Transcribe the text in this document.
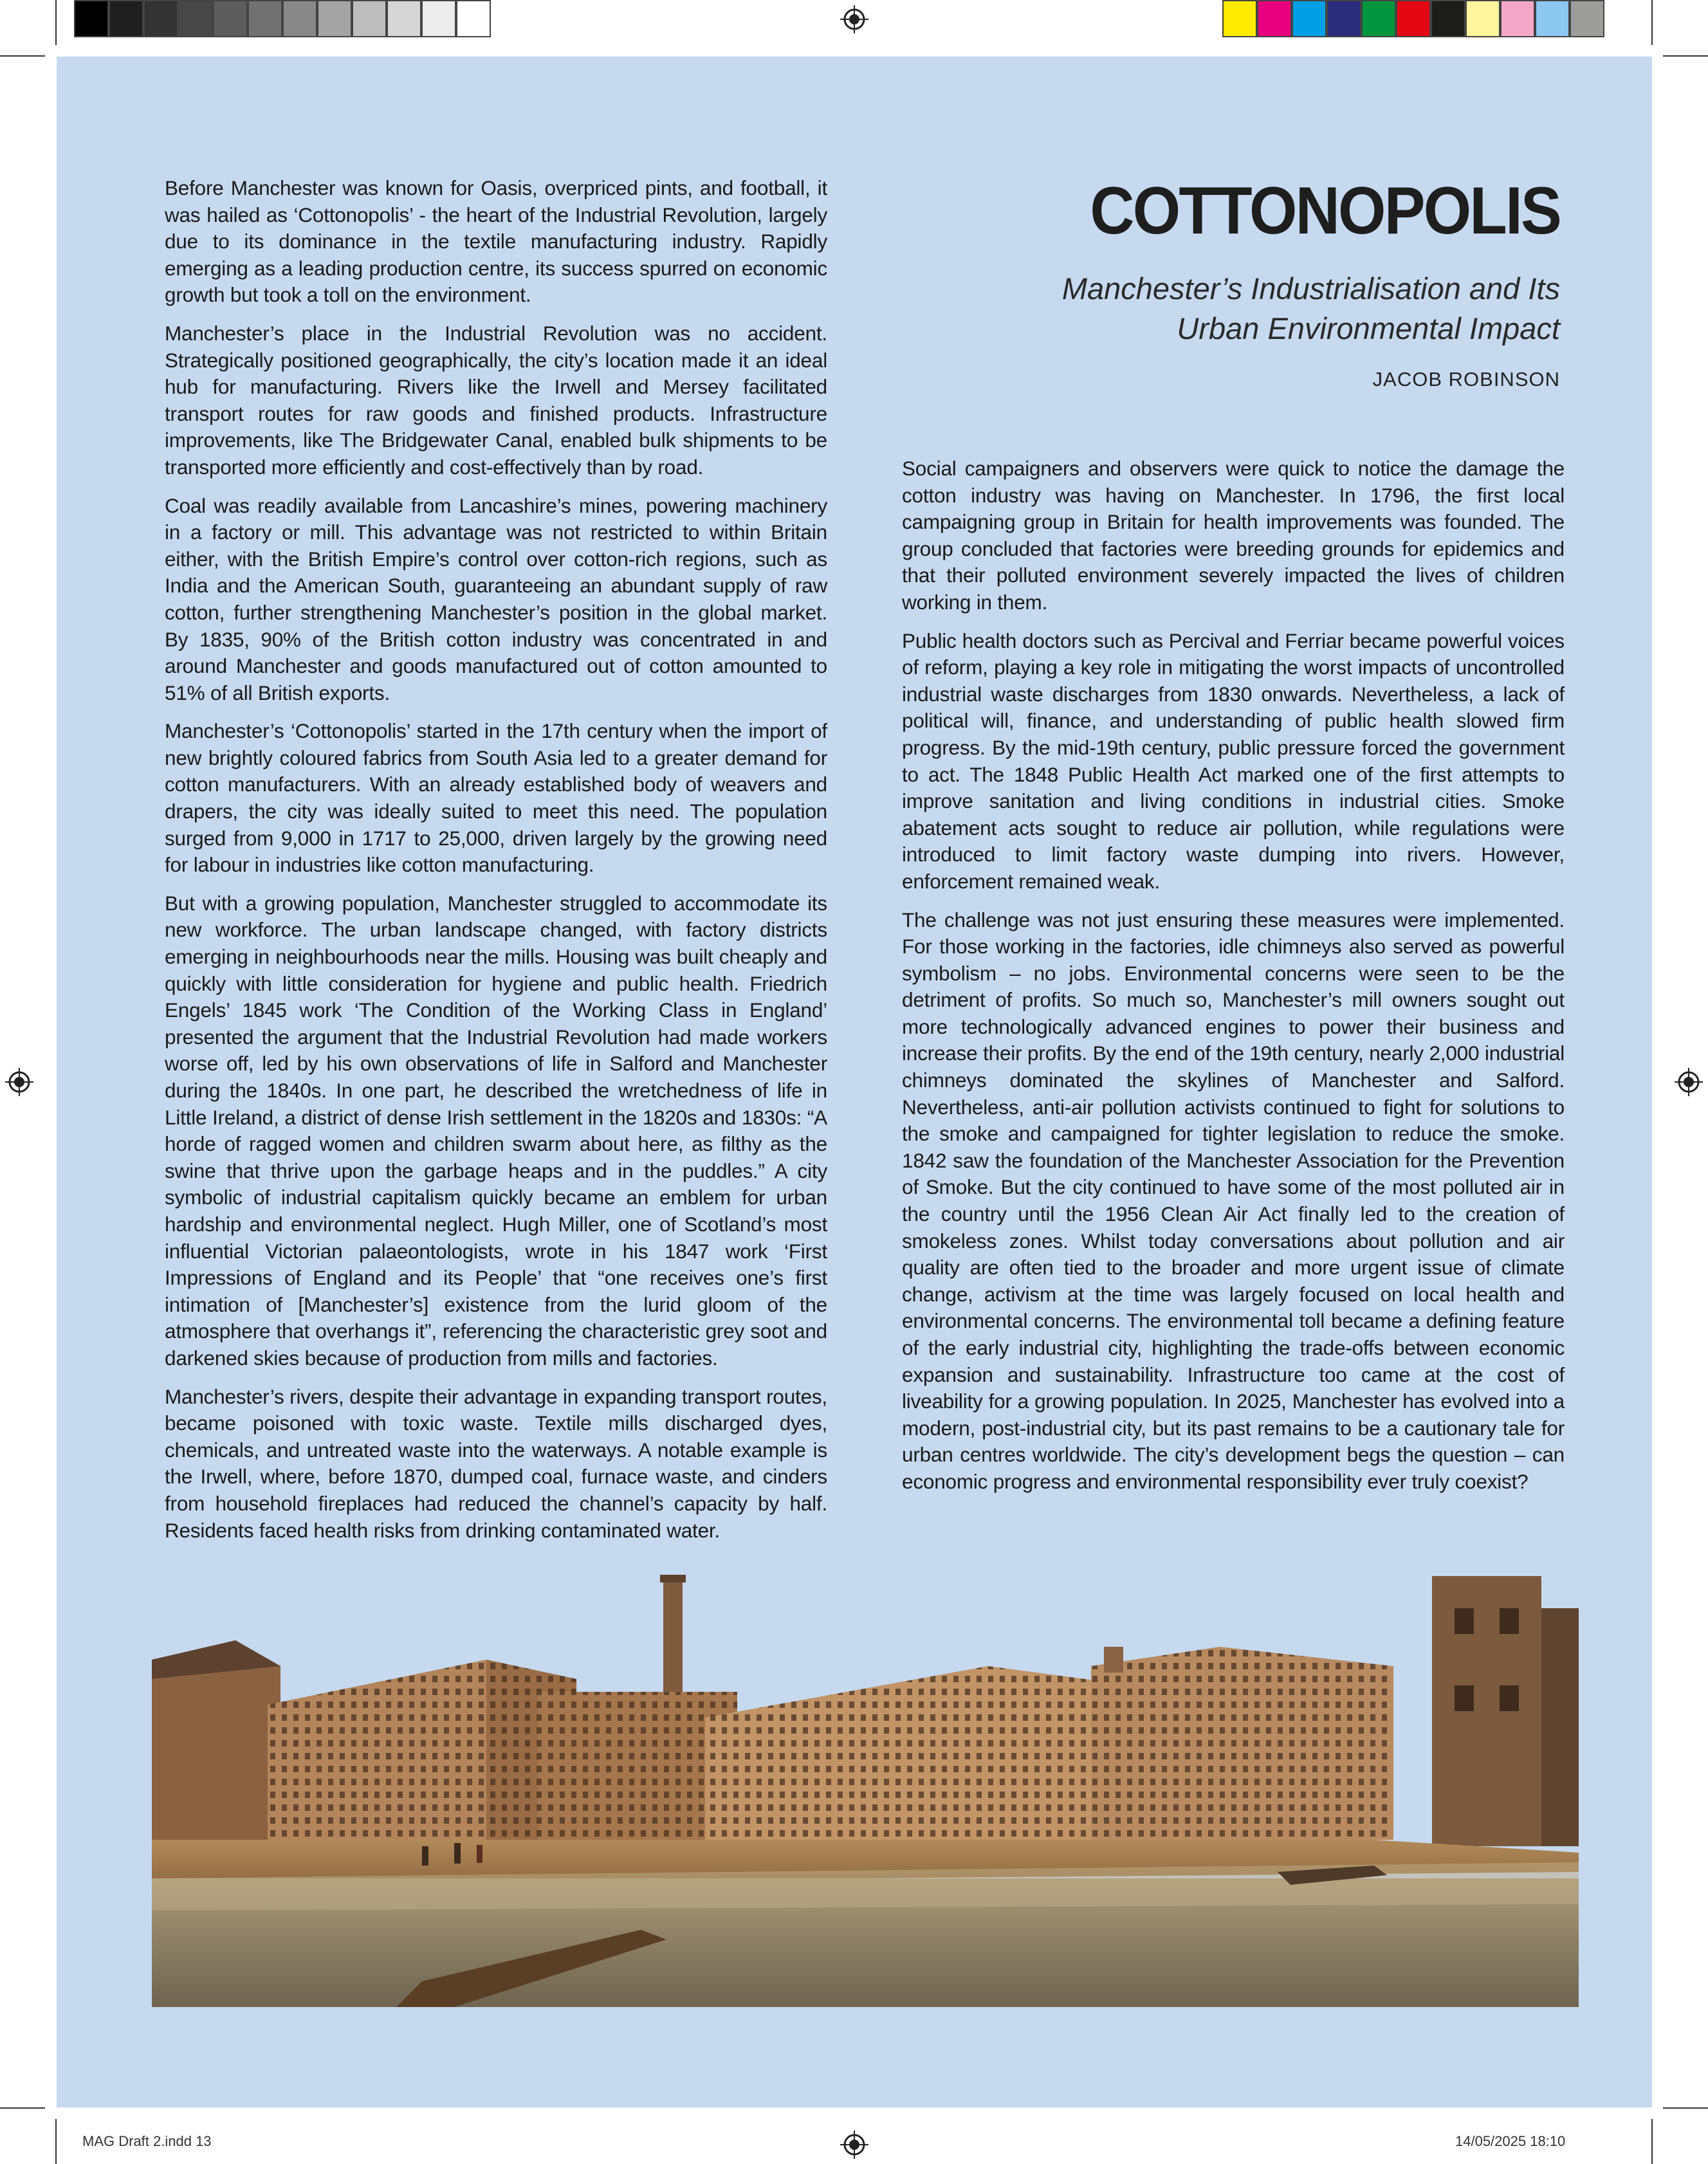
Before Manchester was known for Oasis, overpriced pints, and football, it was hailed as ‘Cottonopolis’ - the heart of the Industrial Revolution, largely due to its dominance in the textile manufacturing industry. Rapidly emerging as a leading production centre, its success spurred on economic growth but took a toll on the environment.

Manchester’s place in the Industrial Revolution was no accident. Strategically positioned geographically, the city’s location made it an ideal hub for manufacturing. Rivers like the Irwell and Mersey facilitated transport routes for raw goods and finished products. Infrastructure improvements, like The Bridgewater Canal, enabled bulk shipments to be transported more efficiently and cost-effectively than by road.

Coal was readily available from Lancashire’s mines, powering machinery in a factory or mill. This advantage was not restricted to within Britain either, with the British Empire’s control over cotton-rich regions, such as India and the American South, guaranteeing an abundant supply of raw cotton, further strengthening Manchester’s position in the global market. By 1835, 90% of the British cotton industry was concentrated in and around Manchester and goods manufactured out of cotton amounted to 51% of all British exports.

Manchester’s ‘Cottonopolis’ started in the 17th century when the import of new brightly coloured fabrics from South Asia led to a greater demand for cotton manufacturers. With an already established body of weavers and drapers, the city was ideally suited to meet this need. The population surged from 9,000 in 1717 to 25,000, driven largely by the growing need for labour in industries like cotton manufacturing.

But with a growing population, Manchester struggled to accommodate its new workforce. The urban landscape changed, with factory districts emerging in neighbourhoods near the mills. Housing was built cheaply and quickly with little consideration for hygiene and public health. Friedrich Engels’ 1845 work ‘The Condition of the Working Class in England’ presented the argument that the Industrial Revolution had made workers worse off, led by his own observations of life in Salford and Manchester during the 1840s. In one part, he described the wretchedness of life in Little Ireland, a district of dense Irish settlement in the 1820s and 1830s: “A horde of ragged women and children swarm about here, as filthy as the swine that thrive upon the garbage heaps and in the puddles.” A city symbolic of industrial capitalism quickly became an emblem for urban hardship and environmental neglect. Hugh Miller, one of Scotland’s most influential Victorian palaeontologists, wrote in his 1847 work ‘First Impressions of England and its People’ that “one receives one’s first intimation of [Manchester’s] existence from the lurid gloom of the atmosphere that overhangs it”, referencing the characteristic grey soot and darkened skies because of production from mills and factories.

Manchester’s rivers, despite their advantage in expanding transport routes, became poisoned with toxic waste. Textile mills discharged dyes, chemicals, and untreated waste into the waterways. A notable example is the Irwell, where, before 1870, dumped coal, furnace waste, and cinders from household fireplaces had reduced the channel’s capacity by half. Residents faced health risks from drinking contaminated water.

COTTONOPOLIS
Manchester’s Industrialisation and Its
Urban Environmental Impact
JACOB ROBINSON

Social campaigners and observers were quick to notice the damage the cotton industry was having on Manchester. In 1796, the first local campaigning group in Britain for health improvements was founded. The group concluded that factories were breeding grounds for epidemics and that their polluted environment severely impacted the lives of children working in them.

Public health doctors such as Percival and Ferriar became powerful voices of reform, playing a key role in mitigating the worst impacts of uncontrolled industrial waste discharges from 1830 onwards. Nevertheless, a lack of political will, finance, and understanding of public health slowed firm progress. By the mid-19th century, public pressure forced the government to act. The 1848 Public Health Act marked one of the first attempts to improve sanitation and living conditions in industrial cities. Smoke abatement acts sought to reduce air pollution, while regulations were introduced to limit factory waste dumping into rivers. However, enforcement remained weak.

The challenge was not just ensuring these measures were implemented. For those working in the factories, idle chimneys also served as powerful symbolism – no jobs. Environmental concerns were seen to be the detriment of profits. So much so, Manchester’s mill owners sought out more technologically advanced engines to power their business and increase their profits. By the end of the 19th century, nearly 2,000 industrial chimneys dominated the skylines of Manchester and Salford. Nevertheless, anti-air pollution activists continued to fight for solutions to the smoke and campaigned for tighter legislation to reduce the smoke. 1842 saw the foundation of the Manchester Association for the Prevention of Smoke. But the city continued to have some of the most polluted air in the country until the 1956 Clean Air Act finally led to the creation of smokeless zones. Whilst today conversations about pollution and air quality are often tied to the broader and more urgent issue of climate change, activism at the time was largely focused on local health and environmental concerns. The environmental toll became a defining feature of the early industrial city, highlighting the trade-offs between economic expansion and sustainability. Infrastructure too came at the cost of liveability for a growing population. In 2025, Manchester has evolved into a modern, post-industrial city, but its past remains to be a cautionary tale for urban centres worldwide. The city’s development begs the question – can economic progress and environmental responsibility ever truly coexist?

MAG Draft 2.indd 13	14/05/2025 18:10
